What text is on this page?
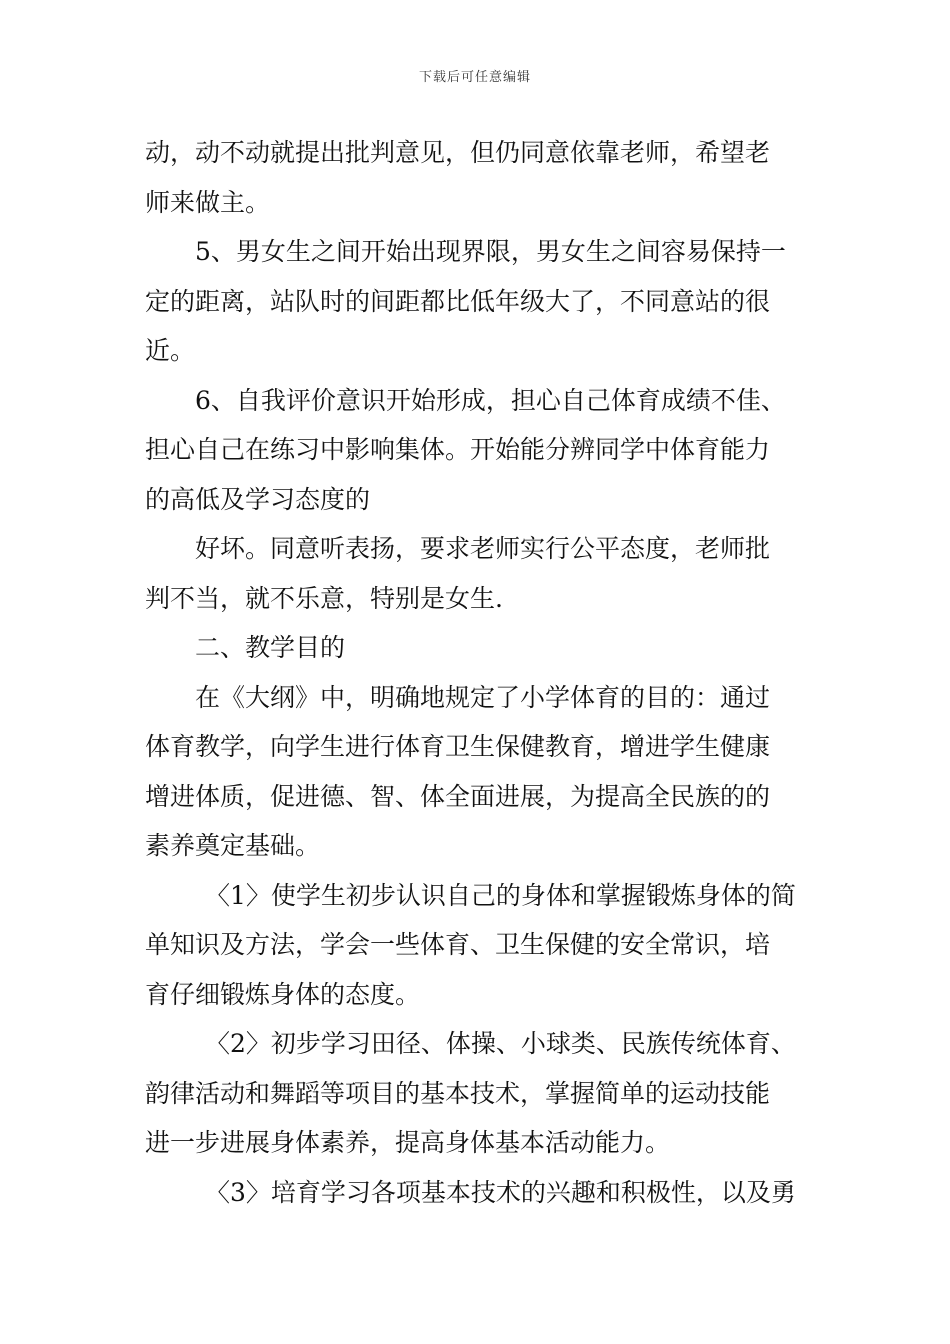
下载后可任意编辑
动，动不动就提出批判意见，但仍同意依靠老师，希望老
师来做主。
5、男女生之间开始出现界限，男女生之间容易保持一
定的距离，站队时的间距都比低年级大了，不同意站的很
近。
6、自我评价意识开始形成，担心自己体育成绩不佳、
担心自己在练习中影响集体。开始能分辨同学中体育能力
的高低及学习态度的
好坏。同意听表扬，要求老师实行公平态度，老师批
判不当，就不乐意，特别是女生.
二、教学目的
在《大纲》中，明确地规定了小学体育的目的：通过
体育教学，向学生进行体育卫生保健教育，增进学生健康
增进体质，促进德、智、体全面进展，为提高全民族的的
素养奠定基础。
〈1〉使学生初步认识自己的身体和掌握锻炼身体的简
单知识及方法，学会一些体育、卫生保健的安全常识，培
育仔细锻炼身体的态度。
〈2〉初步学习田径、体操、小球类、民族传统体育、
韵律活动和舞蹈等项目的基本技术，掌握简单的运动技能
进一步进展身体素养，提高身体基本活动能力。
〈3〉培育学习各项基本技术的兴趣和积极性，以及勇
